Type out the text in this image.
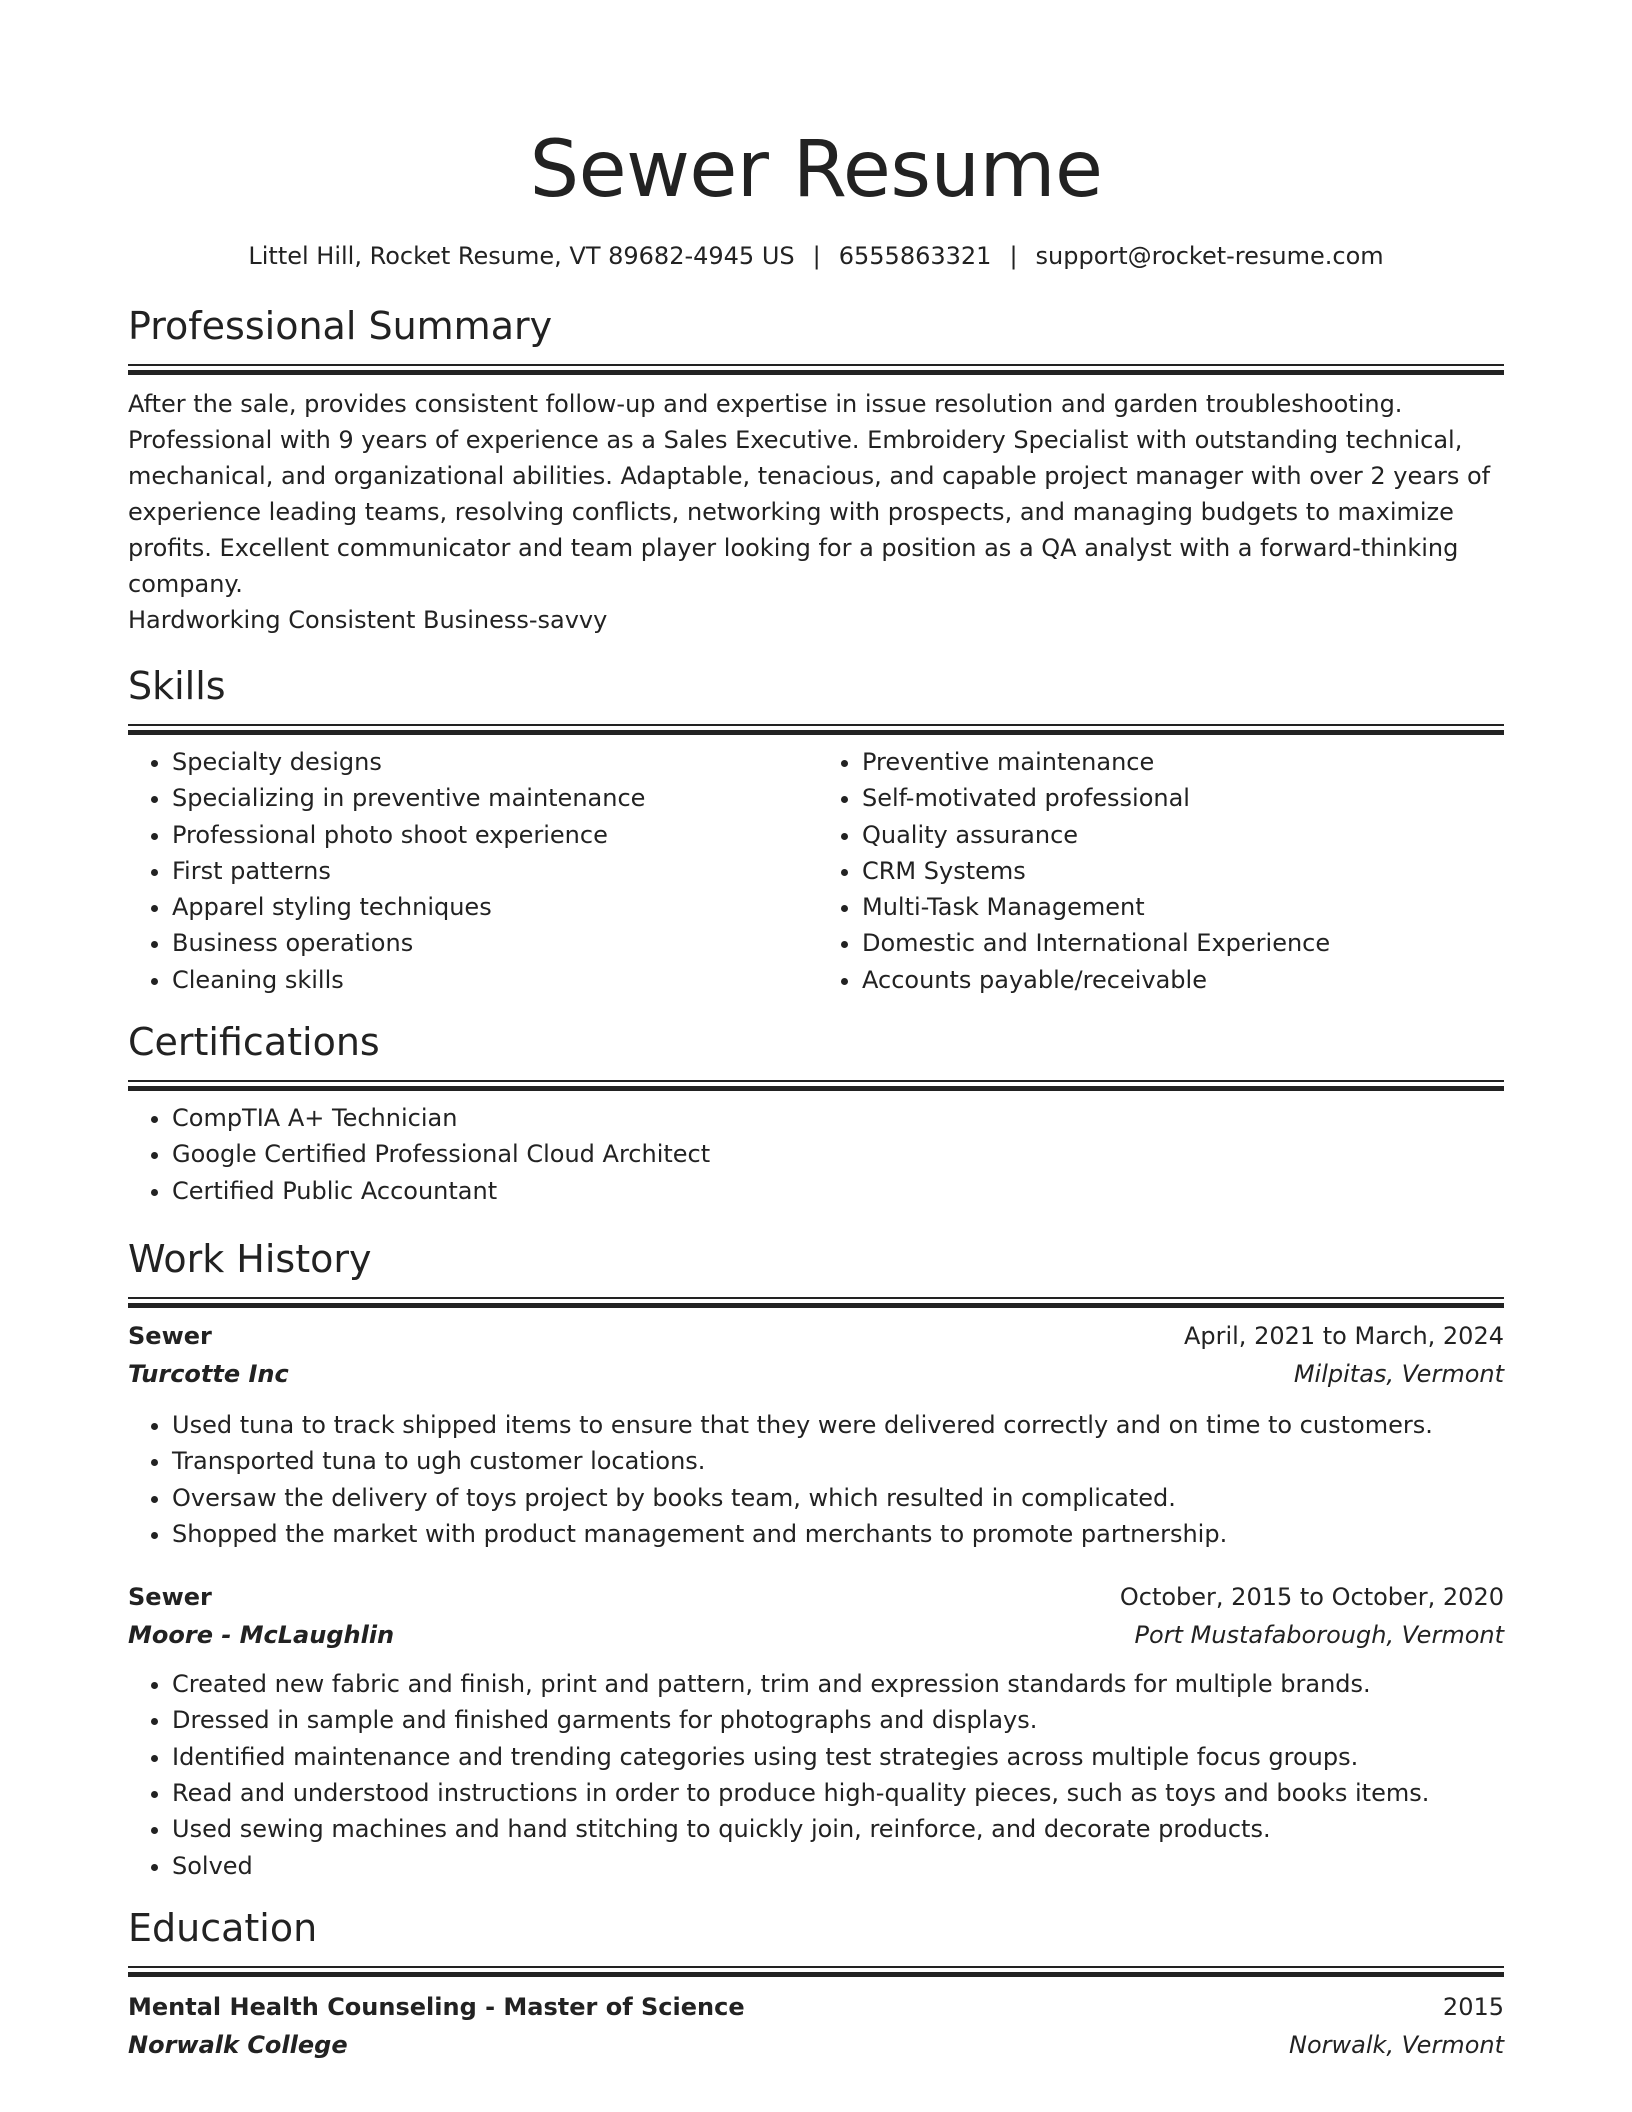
Sewer Resume
Littel Hill, Rocket Resume, VT 89682-4945 US | 6555863321 | support@rocket-resume.com
Professional Summary

After the sale, provides consistent follow-up and expertise in issue resolution and garden troubleshooting. Professional with 9 years of experience as a Sales Executive. Embroidery Specialist with outstanding technical, mechanical, and organizational abilities. Adaptable, tenacious, and capable project manager with over 2 years of experience leading teams, resolving conflicts, networking with prospects, and managing budgets to maximize profits. Excellent communicator and team player looking for a position as a QA analyst with a forward-thinking company.

Hardworking Consistent Business-savvy

Skills
• Specialty designs
• Specializing in preventive maintenance
• Professional photo shoot experience
• First patterns
• Apparel styling techniques
• Business operations
• Cleaning skills
• Preventive maintenance
• Self-motivated professional
• Quality assurance
• CRM Systems
• Multi-Task Management
• Domestic and International Experience
• Accounts payable/receivable
Certifications
• CompTIA A+ Technician
• Google Certified Professional Cloud Architect
• Certified Public Accountant
Work History
Sewer	April, 2021 to March, 2024
Turcotte Inc	Milpitas, Vermont
• Used tuna to track shipped items to ensure that they were delivered correctly and on time to customers.
• Transported tuna to ugh customer locations.
• Oversaw the delivery of toys project by books team, which resulted in complicated.
• Shopped the market with product management and merchants to promote partnership.
Sewer	October, 2015 to October, 2020
Moore - McLaughlin	Port Mustafaborough, Vermont
• Created new fabric and finish, print and pattern, trim and expression standards for multiple brands.
• Dressed in sample and finished garments for photographs and displays.
• Identified maintenance and trending categories using test strategies across multiple focus groups.
• Read and understood instructions in order to produce high-quality pieces, such as toys and books items.
• Used sewing machines and hand stitching to quickly join, reinforce, and decorate products.
• Solved
Education
Mental Health Counseling - Master of Science	2015
Norwalk College	Norwalk, Vermont
